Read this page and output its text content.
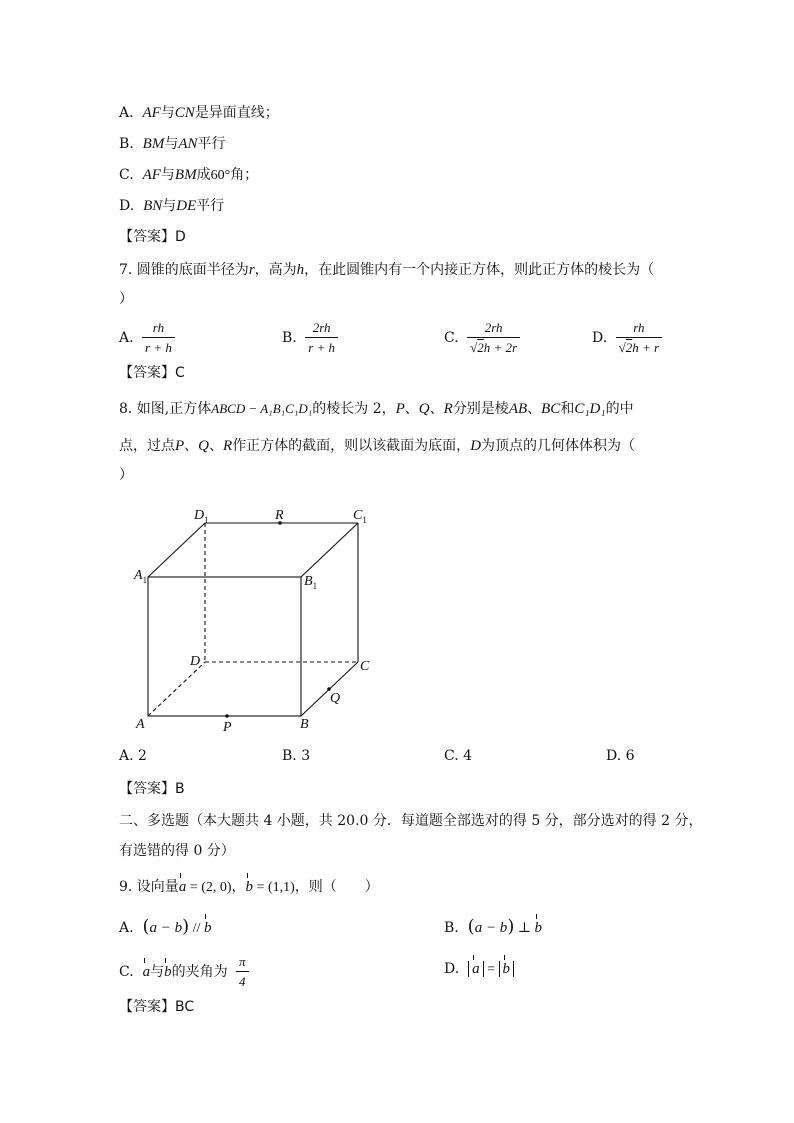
A. AF与CN是异面直线；
B. BM与AN平行
C. AF与BM成60°角；
D. BN与DE平行
【答案】D
7. 圆锥的底面半径为r，高为h，在此圆锥内有一个内接正方体，则此正方体的棱长为（
）
A. $\frac{rh}{r + h}$	B. $\frac{2rh}{r + h}$	C. $\frac{2rh}{√2h + 2r}$	D. $\frac{rh}{√2h + r}$
【答案】C
8. 如图,正方体ABCD − A₁B₁C₁D₁的棱长为 2，P、Q、R分别是棱AB、BC和C₁D₁的中
点，过点P、Q、R作正方体的截面，则以该截面为底面，D为顶点的几何体体积为（
）
$D_1$	R	$C_1$
$A_1$	$B_1$
D	C
Q
A	P	B
A. 2	B. 3	C. 4	D. 6
【答案】B
二、多选题（本大题共 4 小题，共 20.0 分．每道题全部选对的得 5 分，部分选对的得 2 分，
有选错的得 0 分）
9. 设向量a = (2, 0)，b = (1,1)，则（　　）
A. (a − b) // b	B. (a − b) ⊥ b
C. a与b的夹角为 $\frac{\pi}{4}$	D. a = b
【答案】BC
